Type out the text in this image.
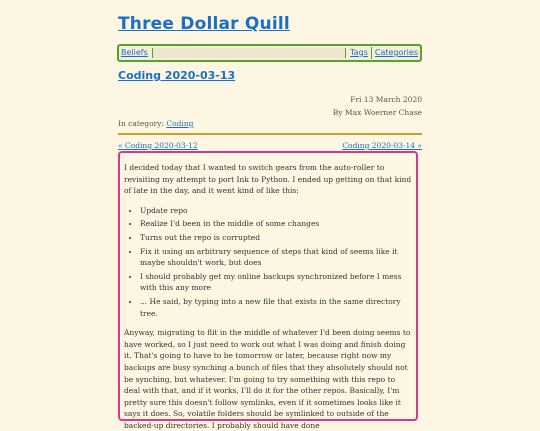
Three Dollar Quill
Beliefs	Tags Categories
Coding 2020-03-13
Fri 13 March 2020
By Max Woerner Chase
In category: Coding
« Coding 2020-03-12	Coding 2020-03-14 »

I decided today that I wanted to switch gears from the auto-roller to revisiting my attempt to port Ink to Python. I ended up getting on that kind of late in the day, and it went kind of like this:

• Update repo
• Realize I'd been in the middle of some changes
• Turns out the repo is corrupted
• Fix it using an arbitrary sequence of steps that kind of seems like it maybe shouldn't work, but does
• I should probably get my online backups synchronized before I mess with this any more
• ... He said, by typing into a new file that exists in the same directory tree.

Anyway, migrating to flit in the middle of whatever I'd been doing seems to have worked, so I just need to work out what I was doing and finish doing it. That's going to have to be tomorrow or later, because right now my backups are busy synching a bunch of files that they absolutely should not be synching, but whatever. I'm going to try something with this repo to deal with that, and if it works, I'll do it for the other repos. Basically, I'm pretty sure this doesn't follow symlinks, even if it sometimes looks like it says it does. So, volatile folders should be symlinked to outside of the backed-up directories. I probably should have done
